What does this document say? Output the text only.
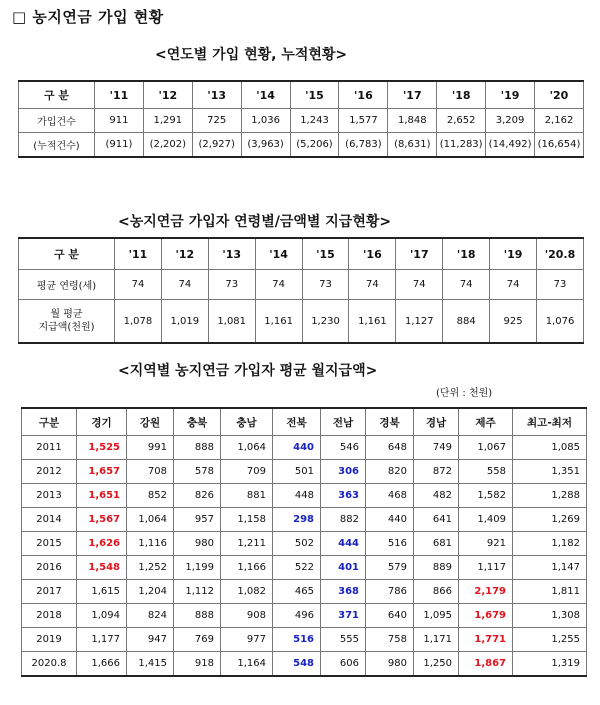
□ 농지연금 가입 현황
<연도별 가입 현황, 누적현황>
구 분	'11	'12	'13	'14	'15	'16	'17	'18	'19	'20
가입건수	911	1,291	725	1,036	1,243	1,577	1,848	2,652	3,209	2,162
(누적건수)	(911)	(2,202)	(2,927)	(3,963)	(5,206)	(6,783)	(8,631)	(11,283)	(14,492)	(16,654)
<농지연금 가입자 연령별/금액별 지급현황>
구 분	'11	'12	'13	'14	'15	'16	'17	'18	'19	'20.8
평균 연령(세)	74	74	73	74	73	74	74	74	74	73

월 평균
지급액(천원)	1,078	1,019	1,081	1,161	1,230	1,161	1,127	884	925	1,076
<지역별 농지연금 가입자 평균 월지급액>
(단위 : 천원)
구분	경기	강원	충북	충남	전북	전남	경북	경남	제주	최고-최저
2011	1,525	991	888	1,064	440	546	648	749	1,067	1,085
2012	1,657	708	578	709	501	306	820	872	558	1,351
2013	1,651	852	826	881	448	363	468	482	1,582	1,288
2014	1,567	1,064	957	1,158	298	882	440	641	1,409	1,269
2015	1,626	1,116	980	1,211	502	444	516	681	921	1,182
2016	1,548	1,252	1,199	1,166	522	401	579	889	1,117	1,147
2017	1,615	1,204	1,112	1,082	465	368	786	866	2,179	1,811
2018	1,094	824	888	908	496	371	640	1,095	1,679	1,308
2019	1,177	947	769	977	516	555	758	1,171	1,771	1,255
2020.8	1,666	1,415	918	1,164	548	606	980	1,250	1,867	1,319
